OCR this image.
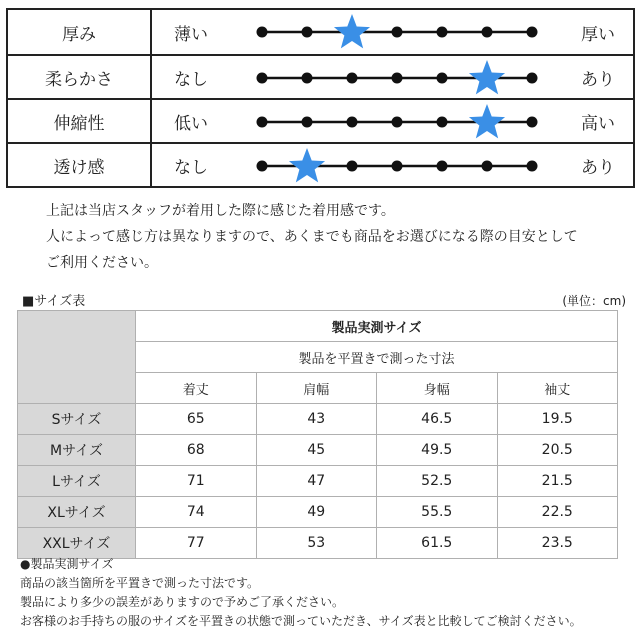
厚み	薄い	厚い
柔らかさ	なし	あり
伸縮性	低い	高い
透け感	なし	あり

上記は当店スタッフが着用した際に感じた着用感です。

人によって感じ方は異なりますので、あくまでも商品をお選びになる際の目安として

ご利用ください。

■サイズ表	(単位：cm)
	製品実測サイズ			
	製品を平置きで測った寸法			
	着丈	肩幅	身幅	袖丈
Sサイズ	65	43	46.5	19.5
Mサイズ	68	45	49.5	20.5
Lサイズ	71	47	52.5	21.5
XLサイズ	74	49	55.5	22.5
XXLサイズ	77	53	61.5	23.5

●製品実測サイズ

商品の該当箇所を平置きで測った寸法です。

製品により多少の誤差がありますので予めご了承ください。

お客様のお手持ちの服のサイズを平置きの状態で測っていただき、サイズ表と比較してご検討ください。
